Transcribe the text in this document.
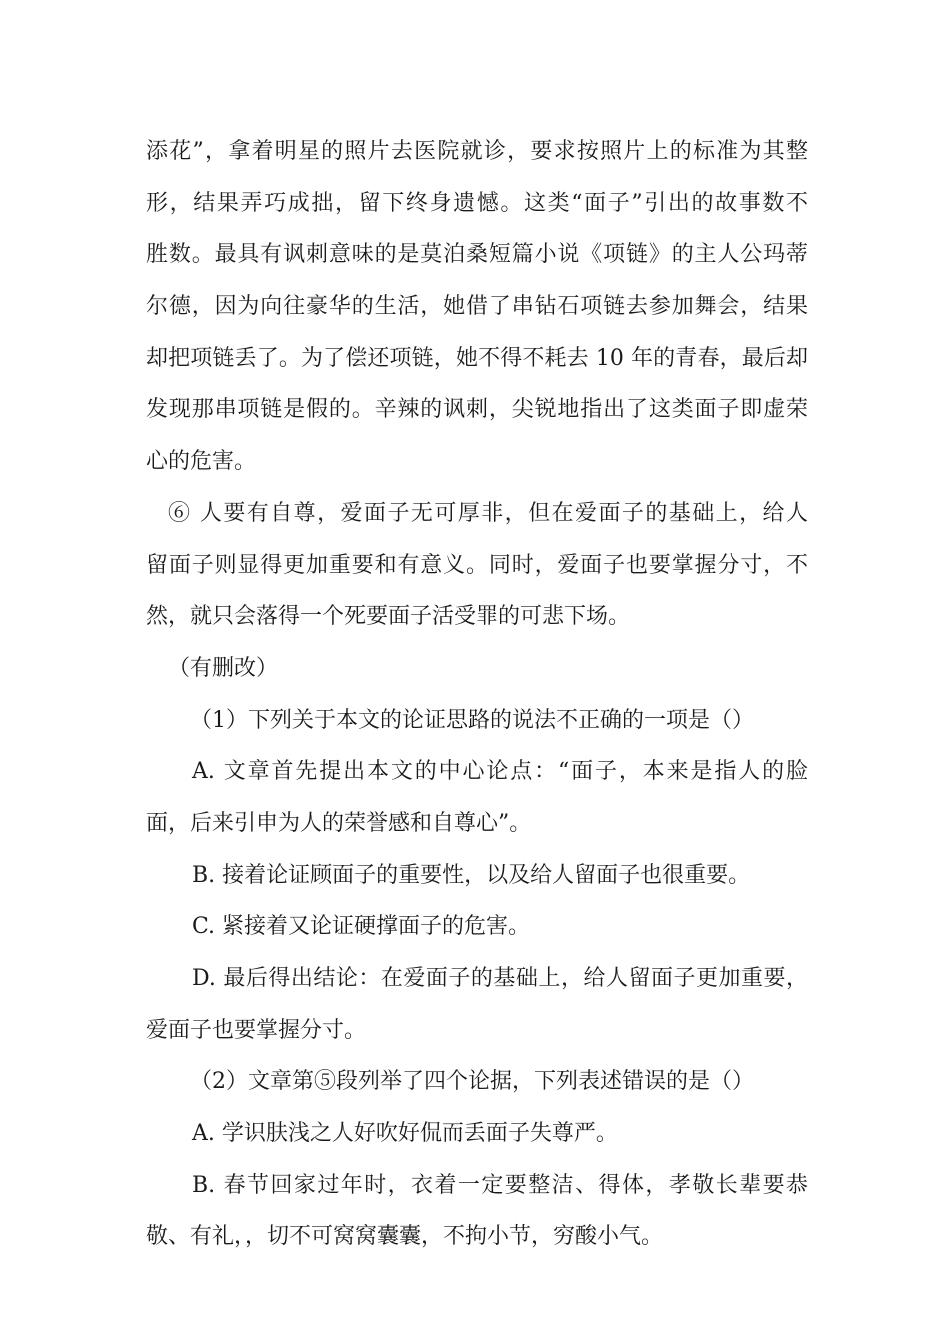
添花”，拿着明星的照片去医院就诊，要求按照片上的标准为其整
形，结果弄巧成拙，留下终身遗憾。这类“面子”引出的故事数不
胜数。最具有讽刺意味的是莫泊桑短篇小说《项链》的主人公玛蒂
尔德，因为向往豪华的生活，她借了串钻石项链去参加舞会，结果
却把项链丢了。为了偿还项链，她不得不耗去 10 年的青春，最后却
发现那串项链是假的。辛辣的讽刺，尖锐地指出了这类面子即虚荣
心的危害。
⑥ 人要有自尊，爱面子无可厚非，但在爱面子的基础上，给人
留面子则显得更加重要和有意义。同时，爱面子也要掌握分寸，不
然，就只会落得一个死要面子活受罪的可悲下场。
（有删改）
（1）下列关于本文的论证思路的说法不正确的一项是（）
A. 文章首先提出本文的中心论点：“面子，本来是指人的脸
面，后来引申为人的荣誉感和自尊心”。
B. 接着论证顾面子的重要性，以及给人留面子也很重要。
C. 紧接着又论证硬撑面子的危害。
D. 最后得出结论：在爱面子的基础上，给人留面子更加重要，
爱面子也要掌握分寸。
（2）文章第⑤段列举了四个论据，下列表述错误的是（）
A. 学识肤浅之人好吹好侃而丢面子失尊严。
B. 春节回家过年时，衣着一定要整洁、得体，孝敬长辈要恭
敬、有礼，，切不可窝窝囊囊，不拘小节，穷酸小气。
